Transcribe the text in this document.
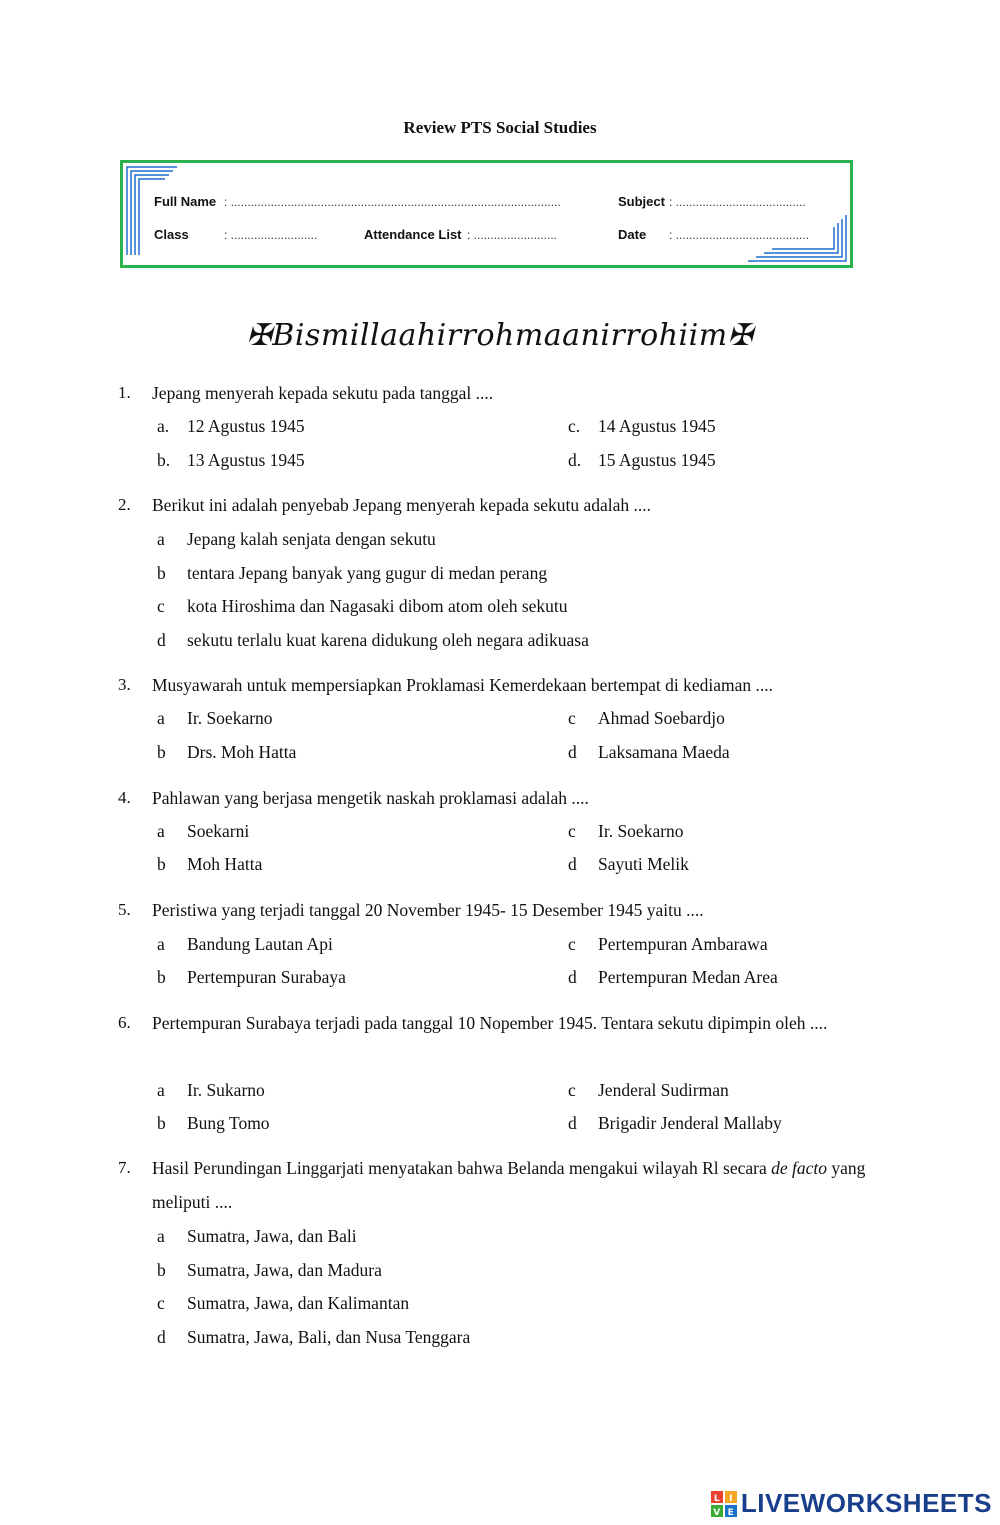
Review PTS Social Studies
Full Name : ...................................................................................................	Subject : .......................................
Class	: ..........................	Attendance List : .........................	Date : ........................................
✠Bismillaahirrohmaanirrohiim✠
1. Jepang menyerah kepada sekutu pada tanggal ....
a. 12 Agustus 1945
b. 13 Agustus 1945
c. 14 Agustus 1945
d. 15 Agustus 1945
2. Berikut ini adalah penyebab Jepang menyerah kepada sekutu adalah ....
a Jepang kalah senjata dengan sekutu
b tentara Jepang banyak yang gugur di medan perang
c kota Hiroshima dan Nagasaki dibom atom oleh sekutu
d sekutu terlalu kuat karena didukung oleh negara adikuasa
3. Musyawarah untuk mempersiapkan Proklamasi Kemerdekaan bertempat di kediaman ....
a Ir. Soekarno
b Drs. Moh Hatta
c Ahmad Soebardjo
d Laksamana Maeda
4. Pahlawan yang berjasa mengetik naskah proklamasi adalah ....
a Soekarni
b Moh Hatta
c Ir. Soekarno
d Sayuti Melik
5. Peristiwa yang terjadi tanggal 20 November 1945- 15 Desember 1945 yaitu ....
a Bandung Lautan Api
b Pertempuran Surabaya
c Pertempuran Ambarawa
d Pertempuran Medan Area
6. Pertempuran Surabaya terjadi pada tanggal 10 Nopember 1945. Tentara sekutu dipimpin oleh ....
a Ir. Sukarno
b Bung Tomo
c Jenderal Sudirman
d Brigadir Jenderal Mallaby
7. Hasil Perundingan Linggarjati menyatakan bahwa Belanda mengakui wilayah Rl secara de facto yang meliputi ....
a Sumatra, Jawa, dan Bali
b Sumatra, Jawa, dan Madura
c Sumatra, Jawa, dan Kalimantan
d Sumatra, Jawa, Bali, dan Nusa Tenggara
L I
V E LIVEWORKSHEETS
